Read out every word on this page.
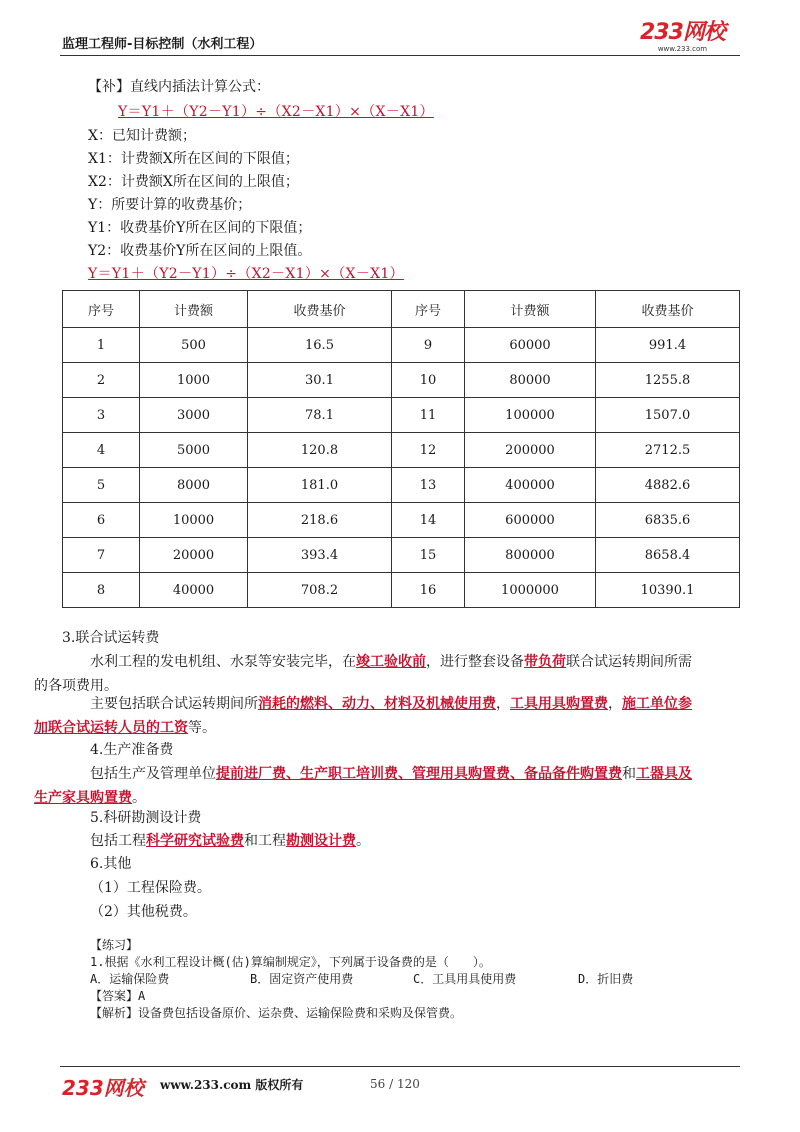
监理工程师-目标控制（水利工程）	233网校
www.233.com
【补】直线内插法计算公式：
Y＝Y1＋（Y2－Y1）÷（X2－X1）×（X－X1）
X：已知计费额；
X1：计费额X所在区间的下限值；
X2：计费额X所在区间的上限值；
Y：所要计算的收费基价；
Y1：收费基价Y所在区间的下限值；
Y2：收费基价Y所在区间的上限值。
Y＝Y1＋（Y2－Y1）÷（X2－X1）×（X－X1）
序号	计费额	收费基价	序号	计费额	收费基价
1	500	16.5	9	60000	991.4
2	1000	30.1	10	80000	1255.8
3	3000	78.1	11	100000	1507.0
4	5000	120.8	12	200000	2712.5
5	8000	181.0	13	400000	4882.6
6	10000	218.6	14	600000	6835.6
7	20000	393.4	15	800000	8658.4
8	40000	708.2	16	1000000	10390.1
3.联合试运转费
水利工程的发电机组、水泵等安装完毕，在竣工验收前，进行整套设备带负荷联合试运转期间所需
的各项费用。
主要包括联合试运转期间所消耗的燃料、动力、材料及机械使用费，工具用具购置费，施工单位参
加联合试运转人员的工资等。
4.生产准备费
包括生产及管理单位提前进厂费、生产职工培训费、管理用具购置费、备品备件购置费和工器具及
生产家具购置费。
5.科研勘测设计费
包括工程科学研究试验费和工程勘测设计费。
6.其他
（1）工程保险费。
（2）其他税费。
【练习】
1.根据《水利工程设计概(估)算编制规定》，下列属于设备费的是（　　）。
A．运输保险费	B．固定资产使用费	C．工具用具使用费	D．折旧费
【答案】A
【解析】设备费包括设备原价、运杂费、运输保险费和采购及保管费。
233网校 www.233.com 版权所有	56 / 120
